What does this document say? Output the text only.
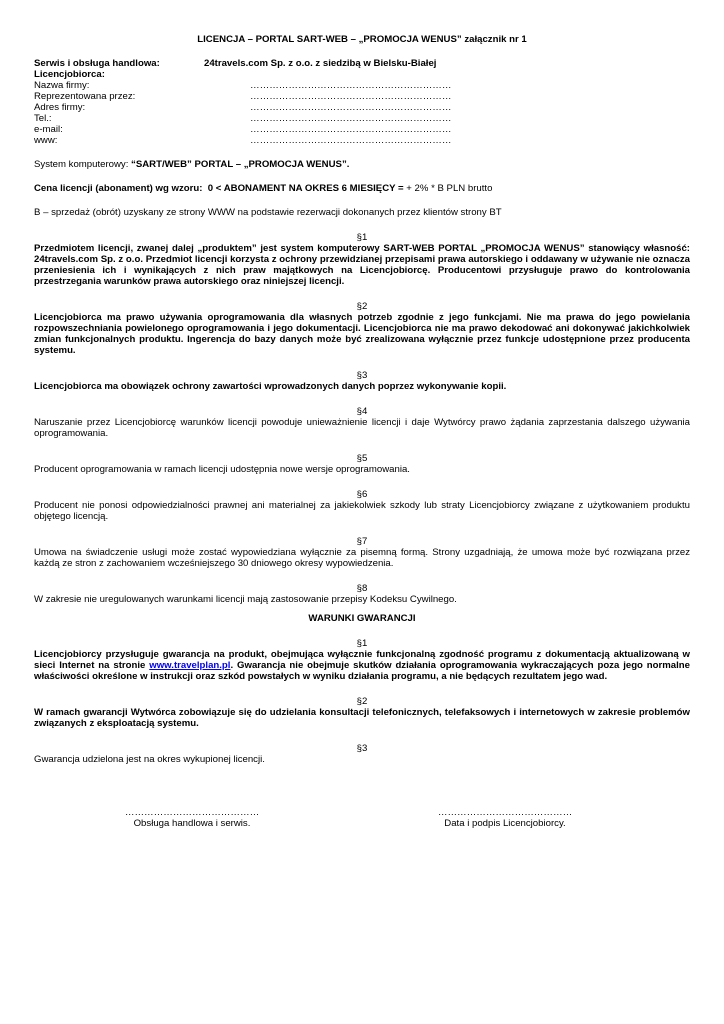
LICENCJA – PORTAL SART-WEB – „PROMOCJA WENUS” załącznik nr 1
Serwis i obsługa handlowa:	24travels.com Sp. z o.o. z siedzibą w Bielsku-Białej
Licencjobiorca:
Nazwa firmy:	………………………………………………………
Reprezentowana przez:	………………………………………………………
Adres firmy:	………………………………………………………
Tel.:	………………………………………………………
e-mail:	………………………………………………………
www:	………………………………………………………

System komputerowy: “SART/WEB” PORTAL – „PROMOCJA WENUS”.

Cena licencji (abonament) wg wzoru: 0 < ABONAMENT NA OKRES 6 MIESIĘCY = + 2% * B PLN brutto

B – sprzedaż (obrót) uzyskany ze strony WWW na podstawie rezerwacji dokonanych przez klientów strony BT

§1

Przedmiotem licencji, zwanej dalej „produktem” jest system komputerowy SART-WEB PORTAL „PROMOCJA WENUS” stanowiący własność: 24travels.com Sp. z o.o. Przedmiot licencji korzysta z ochrony przewidzianej przepisami prawa autorskiego i oddawany w używanie nie oznacza przeniesienia ich i wynikających z nich praw majątkowych na Licencjobiorcę. Producentowi przysługuje prawo do kontrolowania przestrzegania warunków prawa autorskiego oraz niniejszej licencji.

§2

Licencjobiorca ma prawo używania oprogramowania dla własnych potrzeb zgodnie z jego funkcjami. Nie ma prawa do jego powielania rozpowszechniania powielonego oprogramowania i jego dokumentacji. Licencjobiorca nie ma prawo dekodować ani dokonywać jakichkolwiek zmian funkcjonalnych produktu. Ingerencja do bazy danych może być zrealizowana wyłącznie przez funkcje udostępnione przez producenta systemu.

§3

Licencjobiorca ma obowiązek ochrony zawartości wprowadzonych danych poprzez wykonywanie kopii.

§4

Naruszanie przez Licencjobiorcę warunków licencji powoduje unieważnienie licencji i daje Wytwórcy prawo żądania zaprzestania dalszego używania oprogramowania.

§5

Producent oprogramowania w ramach licencji udostępnia nowe wersje oprogramowania.

§6

Producent nie ponosi odpowiedzialności prawnej ani materialnej za jakiekolwiek szkody lub straty Licencjobiorcy związane z użytkowaniem produktu objętego licencją.

§7

Umowa na świadczenie usługi może zostać wypowiedziana wyłącznie za pisemną formą. Strony uzgadniają, że umowa może być rozwiązana przez każdą ze stron z zachowaniem wcześniejszego 30 dniowego okresy wypowiedzenia.

§8

W zakresie nie uregulowanych warunkami licencji mają zastosowanie przepisy Kodeksu Cywilnego.

WARUNKI GWARANCJI
§1

Licencjobiorcy przysługuje gwarancja na produkt, obejmująca wyłącznie funkcjonalną zgodność programu z dokumentacją aktualizowaną w sieci Internet na stronie www.travelplan.pl. Gwarancja nie obejmuje skutków działania oprogramowania wykraczających poza jego normalne właściwości określone w instrukcji oraz szkód powstałych w wyniku działania programu, a nie będących rezultatem jego wad.

§2

W ramach gwarancji Wytwórca zobowiązuje się do udzielania konsultacji telefonicznych, telefaksowych i internetowych w zakresie problemów związanych z eksploatacją systemu.

§3

Gwarancja udzielona jest na okres wykupionej licencji.

……………………………………
Obsługa handlowa i serwis.
……………………………………
Data i podpis Licencjobiorcy.
